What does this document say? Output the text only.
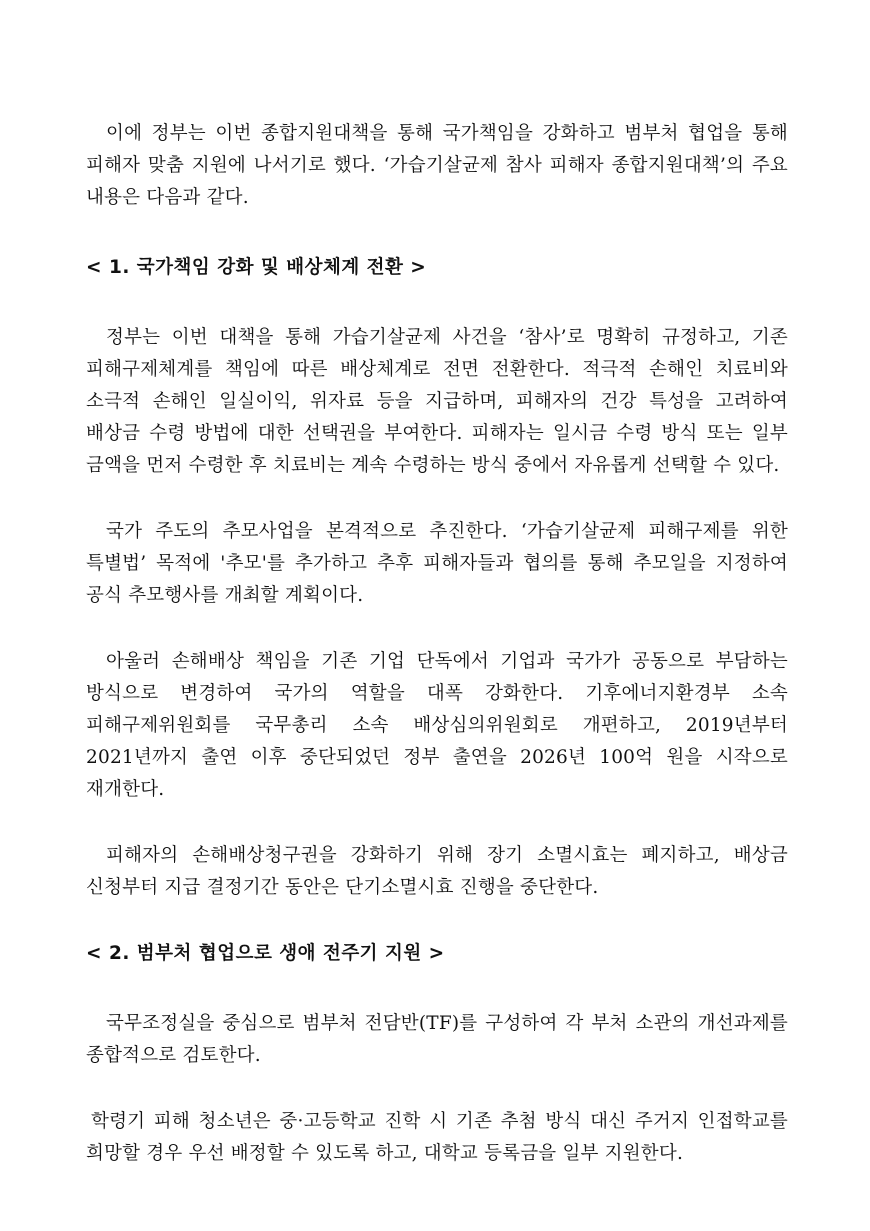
이에 정부는 이번 종합지원대책을 통해 국가책임을 강화하고 범부처 협업을 통해 피해자 맞춤 지원에 나서기로 했다. ‘가습기살균제 참사 피해자 종합지원대책’의 주요 내용은 다음과 같다.

< 1. 국가책임 강화 및 배상체계 전환 >

정부는 이번 대책을 통해 가습기살균제 사건을 ‘참사’로 명확히 규정하고, 기존 피해구제체계를 책임에 따른 배상체계로 전면 전환한다. 적극적 손해인 치료비와 소극적 손해인 일실이익, 위자료 등을 지급하며, 피해자의 건강 특성을 고려하여 배상금 수령 방법에 대한 선택권을 부여한다. 피해자는 일시금 수령 방식 또는 일부 금액을 먼저 수령한 후 치료비는 계속 수령하는 방식 중에서 자유롭게 선택할 수 있다.

국가 주도의 추모사업을 본격적으로 추진한다. ‘가습기살균제 피해구제를 위한 특별법’ 목적에 '추모'를 추가하고 추후 피해자들과 협의를 통해 추모일을 지정하여 공식 추모행사를 개최할 계획이다.

아울러 손해배상 책임을 기존 기업 단독에서 기업과 국가가 공동으로 부담하는 방식으로 변경하여 국가의 역할을 대폭 강화한다. 기후에너지환경부 소속 피해구제위원회를 국무총리 소속 배상심의위원회로 개편하고, 2019년부터 2021년까지 출연 이후 중단되었던 정부 출연을 2026년 100억 원을 시작으로 재개한다.

피해자의 손해배상청구권을 강화하기 위해 장기 소멸시효는 폐지하고, 배상금 신청부터 지급 결정기간 동안은 단기소멸시효 진행을 중단한다.

< 2. 범부처 협업으로 생애 전주기 지원 >

국무조정실을 중심으로 범부처 전담반(TF)를 구성하여 각 부처 소관의 개선과제를 종합적으로 검토한다.

학령기 피해 청소년은 중·고등학교 진학 시 기존 추첨 방식 대신 주거지 인접학교를 희망할 경우 우선 배정할 수 있도록 하고, 대학교 등록금을 일부 지원한다.
